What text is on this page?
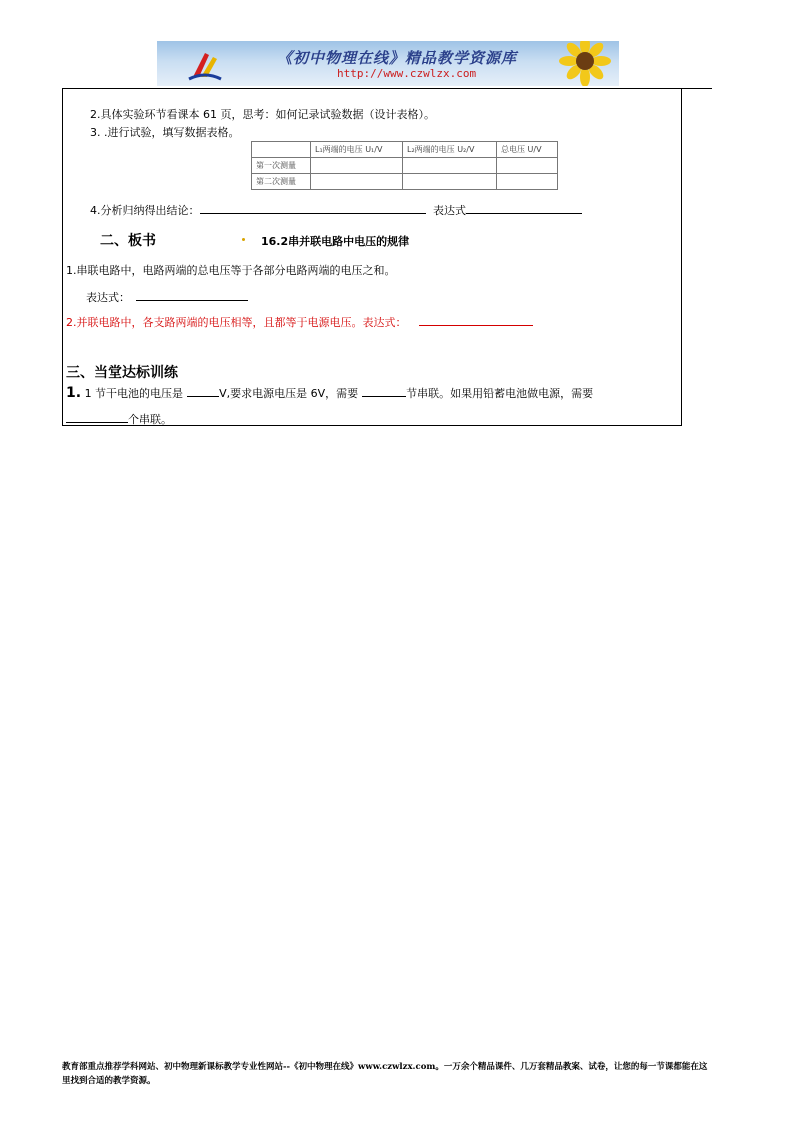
《初中物理在线》精品教学资源库
http://www.czwlzx.com
2.具体实验环节看课本 61 页，思考：如何记录试验数据（设计表格）。
3. .进行试验，填写数据表格。
	L₁两端的电压 U₁/V	L₂两端的电压 U₂/V	总电压 U/V
第一次测量			
第二次测量			
4.分析归纳得出结论：	表达式
二、板书	16.2串并联电路中电压的规律
1.串联电路中，电路两端的总电压等于各部分电路两端的电压之和。
表达式：
2.并联电路中，各支路两端的电压相等，且都等于电源电压。表达式：
三、当堂达标训练
1. 1 节干电池的电压是	V,要求电源电压是 6V，需要	节串联。如果用铅蓄电池做电源，需要
个串联。
教育部重点推荐学科网站、初中物理新课标教学专业性网站--《初中物理在线》www.czwlzx.com。一万余个精品课件、几万套精品教案、试卷，让您的每一节课都能在这里找到合适的教学资源。
